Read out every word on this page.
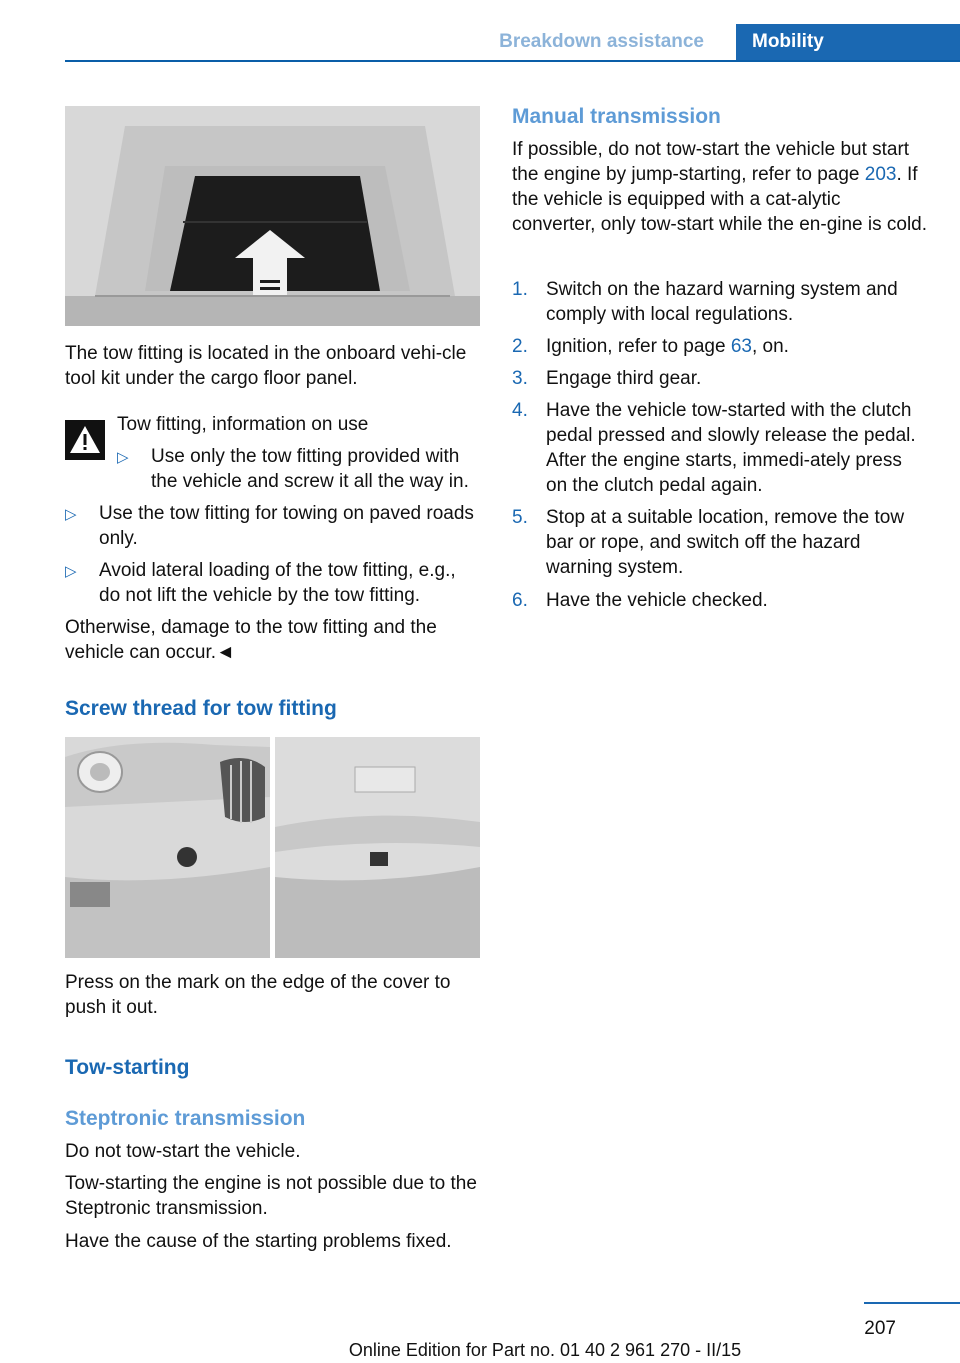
Breakdown assistance	Mobility

The tow fitting is located in the onboard vehi‐cle tool kit under the cargo floor panel.

Tow fitting, information on use

▷ Use only the tow fitting provided with the vehicle and screw it all the way in.

▷ Use the tow fitting for towing on paved roads only.

▷ Avoid lateral loading of the tow fitting, e.g., do not lift the vehicle by the tow fitting.

Otherwise, damage to the tow fitting and the vehicle can occur.◄

Screw thread for tow fitting

Press on the mark on the edge of the cover to push it out.

Tow-starting

Steptronic transmission

Do not tow-start the vehicle.

Tow-starting the engine is not possible due to the Steptronic transmission.

Have the cause of the starting problems fixed.

Manual transmission

If possible, do not tow-start the vehicle but start the engine by jump-starting, refer to page 203. If the vehicle is equipped with a cat‐alytic converter, only tow-start while the en‐gine is cold.

1. Switch on the hazard warning system and comply with local regulations.
2. Ignition, refer to page 63, on.
3. Engage third gear.
4. Have the vehicle tow-started with the clutch pedal pressed and slowly release the pedal. After the engine starts, immedi‐ately press on the clutch pedal again.
5. Stop at a suitable location, remove the tow bar or rope, and switch off the hazard warning system.
6. Have the vehicle checked.

207

Online Edition for Part no. 01 40 2 961 270 - II/15
